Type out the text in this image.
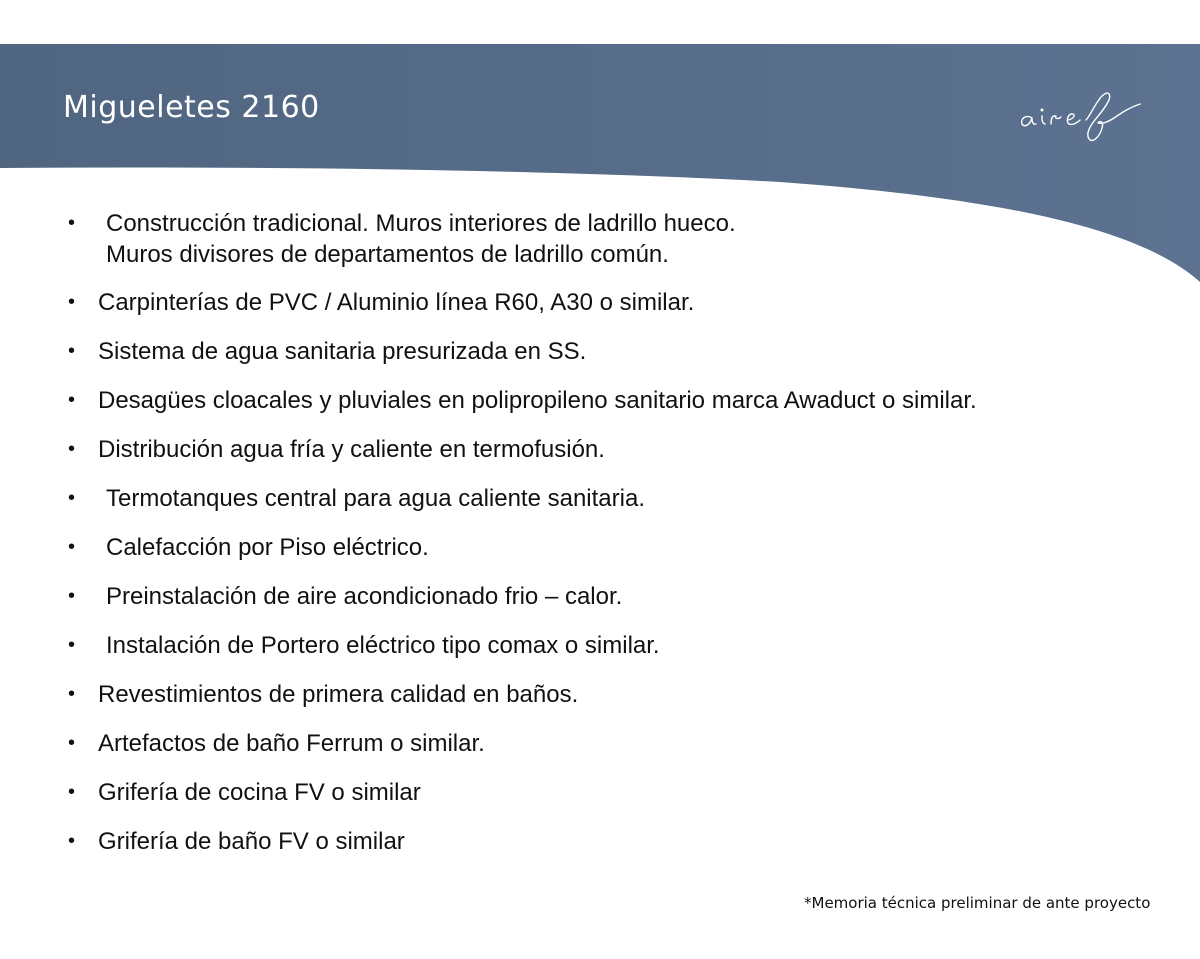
Migueletes 2160
•	Construcción tradicional. Muros interiores de ladrillo hueco.
Muros divisores de departamentos de ladrillo común.
• Carpinterías de PVC / Aluminio línea R60, A30 o similar.
• Sistema de agua sanitaria presurizada en SS.
• Desagües cloacales y pluviales en polipropileno sanitario marca Awaduct o similar.
• Distribución agua fría y caliente en termofusión.
•	Termotanques central para agua caliente sanitaria.
•	Calefacción por Piso eléctrico.
•	Preinstalación de aire acondicionado frio – calor.
•	Instalación de Portero eléctrico tipo comax o similar.
• Revestimientos de primera calidad en baños.
• Artefactos de baño Ferrum o similar.
• Grifería de cocina FV o similar
• Grifería de baño FV o similar

*Memoria técnica preliminar de ante proyecto
